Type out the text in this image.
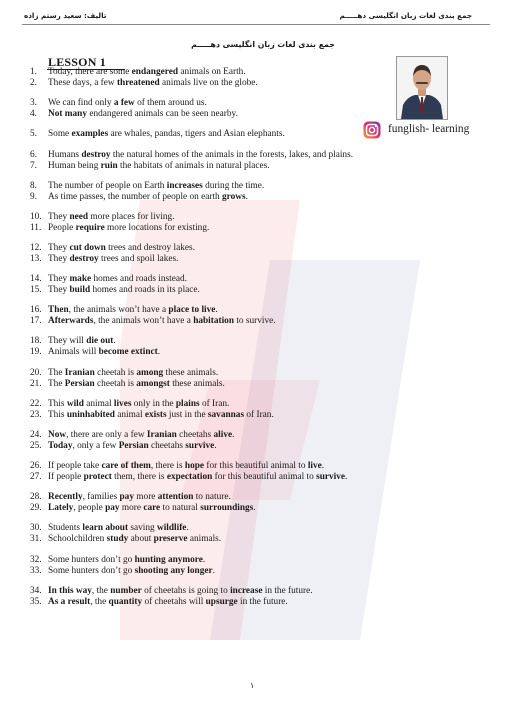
تالیف: سعید رستم زاده	جمع بندی لغات زبان انگلیسی دهـــــم
جمع بندی لغات زبان انگلیسی دهـــــم
LESSON 1
funglish- learning
1. Today, there are some endangered animals on Earth.
2. These days, a few threatened animals live on the globe.
3. We can find only a few of them around us.
4. Not many endangered animals can be seen nearby.
5. Some examples are whales, pandas, tigers and Asian elephants.
6. Humans destroy the natural homes of the animals in the forests, lakes, and plains.
7. Human being ruin the habitats of animals in natural places.
8. The number of people on Earth increases during the time.
9. As time passes, the number of people on earth grows.
10. They need more places for living.
11. People require more locations for existing.
12. They cut down trees and destroy lakes.
13. They destroy trees and spoil lakes.
14. They make homes and roads instead.
15. They build homes and roads in its place.
16. Then, the animals won’t have a place to live.
17. Afterwards, the animals won’t have a habitation to survive.
18. They will die out.
19. Animals will become extinct.
20. The Iranian cheetah is among these animals.
21. The Persian cheetah is amongst these animals.
22. This wild animal lives only in the plains of Iran.
23. This uninhabited animal exists just in the savannas of Iran.
24. Now, there are only a few Iranian cheetahs alive.
25. Today, only a few Persian cheetahs survive.
26. If people take care of them, there is hope for this beautiful animal to live.
27. If people protect them, there is expectation for this beautiful animal to survive.
28. Recently, families pay more attention to nature.
29. Lately, people pay more care to natural surroundings.
30. Students learn about saving wildlife.
31. Schoolchildren study about preserve animals.
32. Some hunters don’t go hunting anymore.
33. Some hunters don’t go shooting any longer.
34. In this way, the number of cheetahs is going to increase in the future.
35. As a result, the quantity of cheetahs will upsurge in the future.
۱
